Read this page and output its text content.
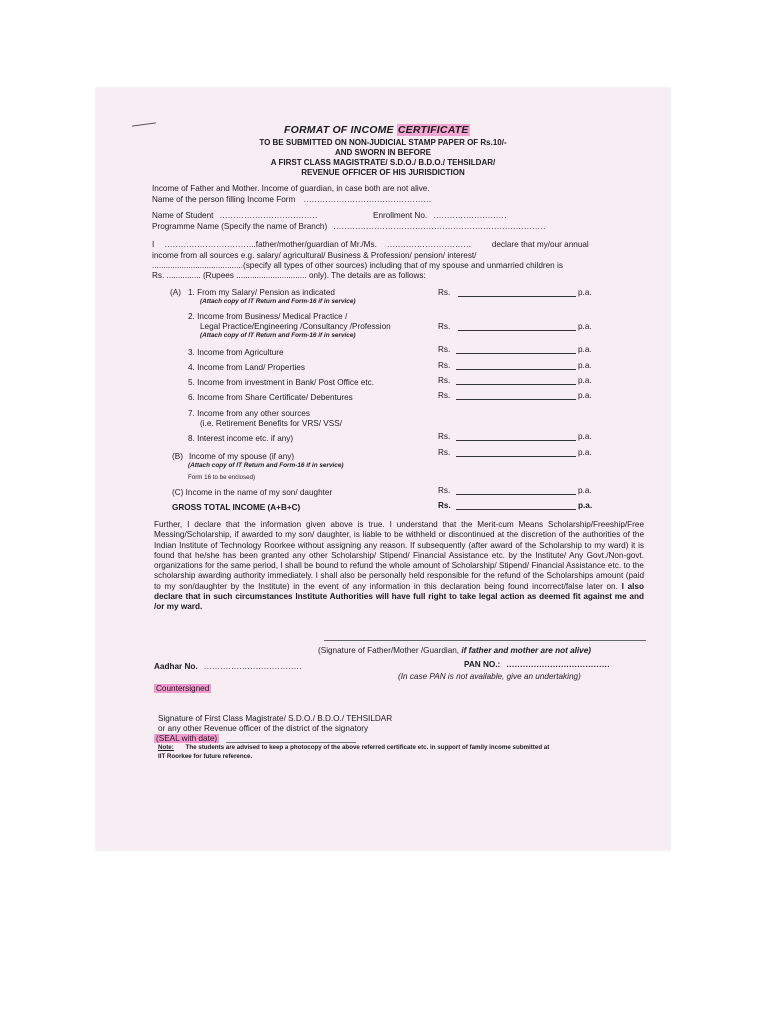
FORMAT OF INCOME CERTIFICATE
TO BE SUBMITTED ON NON-JUDICIAL STAMP PAPER OF Rs.10/-
AND SWORN IN BEFORE
A FIRST CLASS MAGISTRATE/ S.D.O./ B.D.O./ TEHSILDAR/
REVENUE OFFICER OF HIS JURISDICTION
Income of Father and Mother. Income of guardian, in case both are not alive.
Name of the person filling Income Form ...............................................
Name of Student ....................................	Enrollment No. ...........................
Programme Name (Specify the name of Branch) ..............................................................................
I ..................................father/mother/guardian of Mr./Ms. ............................... declare that my/our annual
income from all sources e.g. salary/ agricultural/ Business & Profession/ pension/ interest/
........................................(specify all types of other sources) including that of my spouse and unmarried children is
Rs. ............... (Rupees ............................... only). The details are as follows:
(A) 1. From my Salary/ Pension as indicated
(Attach copy of IT Return and Form-16 if in service)
Rs.	p.a.
2. Income from Business/ Medical Practice /
Legal Practice/Engineering /Consultancy /Profession
(Attach copy of IT Return and Form-16 if in service)
Rs.	p.a.
3. Income from Agriculture	Rs.	p.a.
4. Income from Land/ Properties	Rs.	p.a.
5. Income from investment in Bank/ Post Office etc.	Rs.	p.a.
6. Income from Share Certificate/ Debentures	Rs.	p.a.
7. Income from any other sources
(i.e. Retirement Benefits for VRS/ VSS/
8. Interest income etc. if any)	Rs.	p.a.
(B) Income of my spouse (if any)
(Attach copy of IT Return and Form-16 if in service)
Rs.	p.a.
Form 16 to be enclosed)
(C) Income in the name of my son/ daughter	Rs.	p.a.
GROSS TOTAL INCOME (A+B+C)	Rs.	p.a.
Further, I declare that the information given above is true. I understand that the Merit-cum Means Scholarship/Freeship/Free Messing/Scholarship, if awarded to my son/ daughter, is liable to be withheld or discontinued at the discretion of the authorities of the Indian Institute of Technology Roorkee without assigning any reason. If subsequently (after award of the Scholarship to my ward) it is found that he/she has been granted any other Scholarship/ Stipend/ Financial Assistance etc. by the Institute/ Any Govt./Non-govt. organizations for the same period, I shall be bound to refund the whole amount of Scholarship/ Stipend/ Financial Assistance etc. to the scholarship awarding authority immediately. I shall also be personally held responsible for the refund of the Scholarships amount (paid to my son/daughter by the Institute) in the event of any information in this declaration being found incorrect/false later on. I also declare that in such circumstances Institute Authorities will have full right to take legal action as deemed fit against me and /or my ward.
(Signature of Father/Mother /Guardian, if father and mother are not alive)
Aadhar No. ....................................	PAN NO.: ......................................
(In case PAN is not available, give an undertaking)
Countersigned
Signature of First Class Magistrate/ S.D.O./ B.D.O./ TEHSILDAR
or any other Revenue officer of the district of the signatory
(SEAL with date)
Note: The students are advised to keep a photocopy of the above referred certificate etc. in support of family income submitted at
IIT Roorkee for future reference.
